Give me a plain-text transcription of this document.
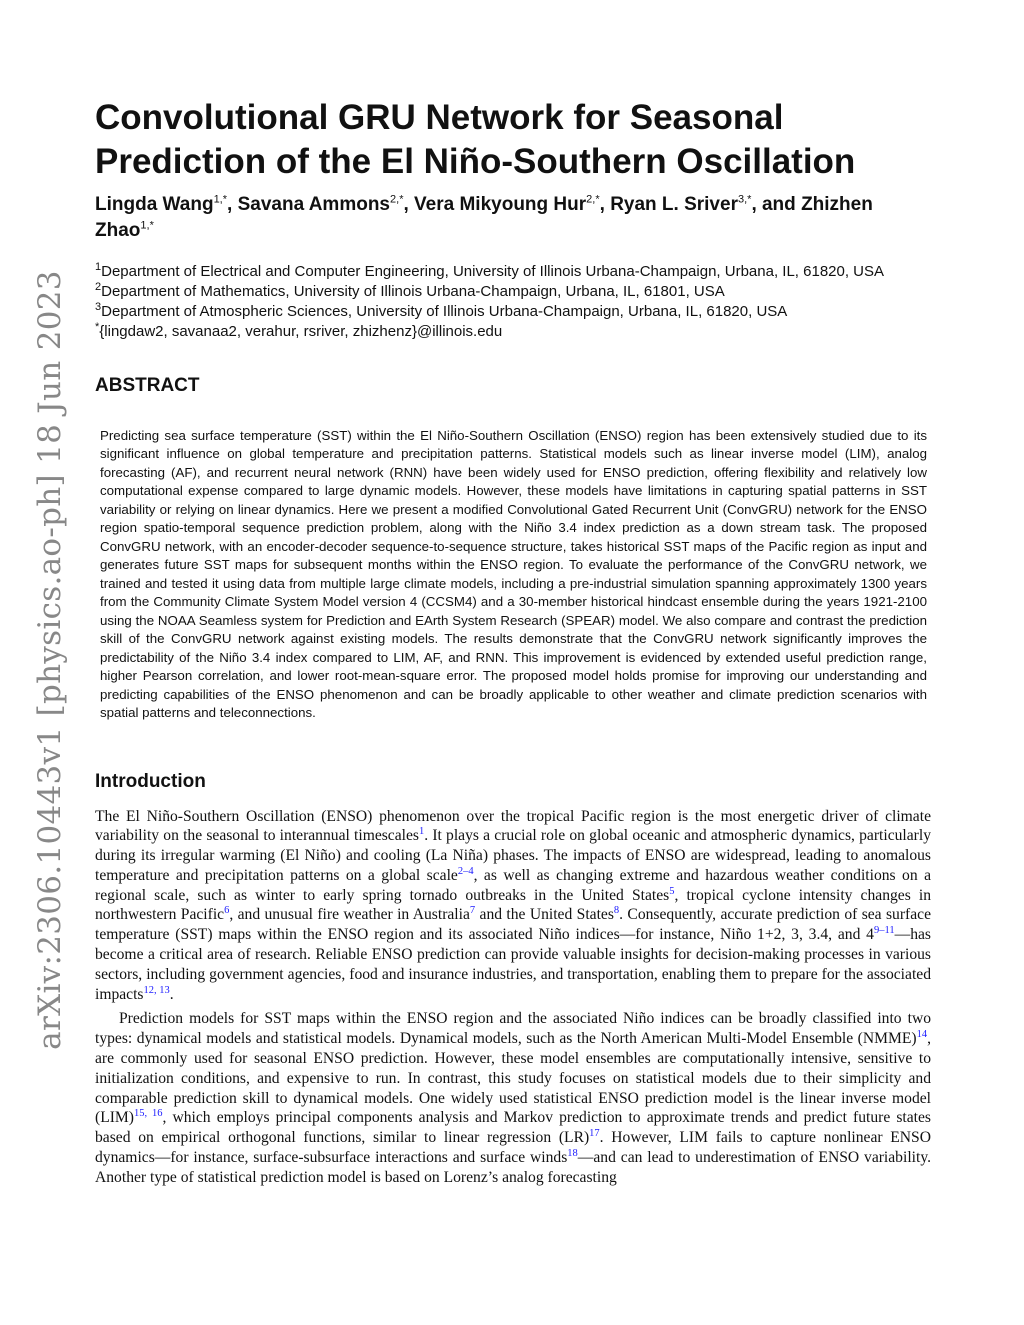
arXiv:2306.10443v1 [physics.ao-ph] 18 Jun 2023
Convolutional GRU Network for Seasonal Prediction of the El Niño-Southern Oscillation
Lingda Wang$^{1,*}$, Savana Ammons$^{2,*}$, Vera Mikyoung Hur$^{2,*}$, Ryan L. Sriver$^{3,*}$, and Zhizhen Zhao$^{1,*}$
$^1$Department of Electrical and Computer Engineering, University of Illinois Urbana-Champaign, Urbana, IL, 61820, USA
$^2$Department of Mathematics, University of Illinois Urbana-Champaign, Urbana, IL, 61801, USA
$^3$Department of Atmospheric Sciences, University of Illinois Urbana-Champaign, Urbana, IL, 61820, USA
*{lingdaw2, savanaa2, verahur, rsriver, zhizhenz}@illinois.edu
ABSTRACT
Predicting sea surface temperature (SST) within the El Niño-Southern Oscillation (ENSO) region has been extensively studied due to its significant influence on global temperature and precipitation patterns. Statistical models such as linear inverse model (LIM), analog forecasting (AF), and recurrent neural network (RNN) have been widely used for ENSO prediction, offering flexibility and relatively low computational expense compared to large dynamic models. However, these models have limitations in capturing spatial patterns in SST variability or relying on linear dynamics. Here we present a modified Convolutional Gated Recurrent Unit (ConvGRU) network for the ENSO region spatio-temporal sequence prediction problem, along with the Niño 3.4 index prediction as a down stream task. The proposed ConvGRU network, with an encoder-decoder sequence-to-sequence structure, takes historical SST maps of the Pacific region as input and generates future SST maps for subsequent months within the ENSO region. To evaluate the performance of the ConvGRU network, we trained and tested it using data from multiple large climate models, including a pre-industrial simulation spanning approximately 1300 years from the Community Climate System Model version 4 (CCSM4) and a 30-member historical hindcast ensemble during the years 1921-2100 using the NOAA Seamless system for Prediction and EArth System Research (SPEAR) model. We also compare and contrast the prediction skill of the ConvGRU network against existing models. The results demonstrate that the ConvGRU network significantly improves the predictability of the Niño 3.4 index compared to LIM, AF, and RNN. This improvement is evidenced by extended useful prediction range, higher Pearson correlation, and lower root-mean-square error. The proposed model holds promise for improving our understanding and predicting capabilities of the ENSO phenomenon and can be broadly applicable to other weather and climate prediction scenarios with spatial patterns and teleconnections.
Introduction

The El Niño-Southern Oscillation (ENSO) phenomenon over the tropical Pacific region is the most energetic driver of climate variability on the seasonal to interannual timescales$^1$. It plays a crucial role on global oceanic and atmospheric dynamics, particularly during its irregular warming (El Niño) and cooling (La Niña) phases. The impacts of ENSO are widespread, leading to anomalous temperature and precipitation patterns on a global scale$^{2-4}$, as well as changing extreme and hazardous weather conditions on a regional scale, such as winter to early spring tornado outbreaks in the United States$^5$, tropical cyclone intensity changes in northwestern Pacific$^6$, and unusual fire weather in Australia$^7$ and the United States$^8$. Consequently, accurate prediction of sea surface temperature (SST) maps within the ENSO region and its associated Niño indices—for instance, Niño 1+2, 3, 3.4, and 4$^{9-11}$—has become a critical area of research. Reliable ENSO prediction can provide valuable insights for decision-making processes in various sectors, including government agencies, food and insurance industries, and transportation, enabling them to prepare for the associated impacts$^{12, 13}$.

Prediction models for SST maps within the ENSO region and the associated Niño indices can be broadly classified into two types: dynamical models and statistical models. Dynamical models, such as the North American Multi-Model Ensemble (NMME)$^{14}$, are commonly used for seasonal ENSO prediction. However, these model ensembles are computationally intensive, sensitive to initialization conditions, and expensive to run. In contrast, this study focuses on statistical models due to their simplicity and comparable prediction skill to dynamical models. One widely used statistical ENSO prediction model is the linear inverse model (LIM)$^{15, 16}$, which employs principal components analysis and Markov prediction to approximate trends and predict future states based on empirical orthogonal functions, similar to linear regression (LR)$^{17}$. However, LIM fails to capture nonlinear ENSO dynamics—for instance, surface-subsurface interactions and surface winds$^{18}$—and can lead to underestimation of ENSO variability. Another type of statistical prediction model is based on Lorenz’s analog forecasting
